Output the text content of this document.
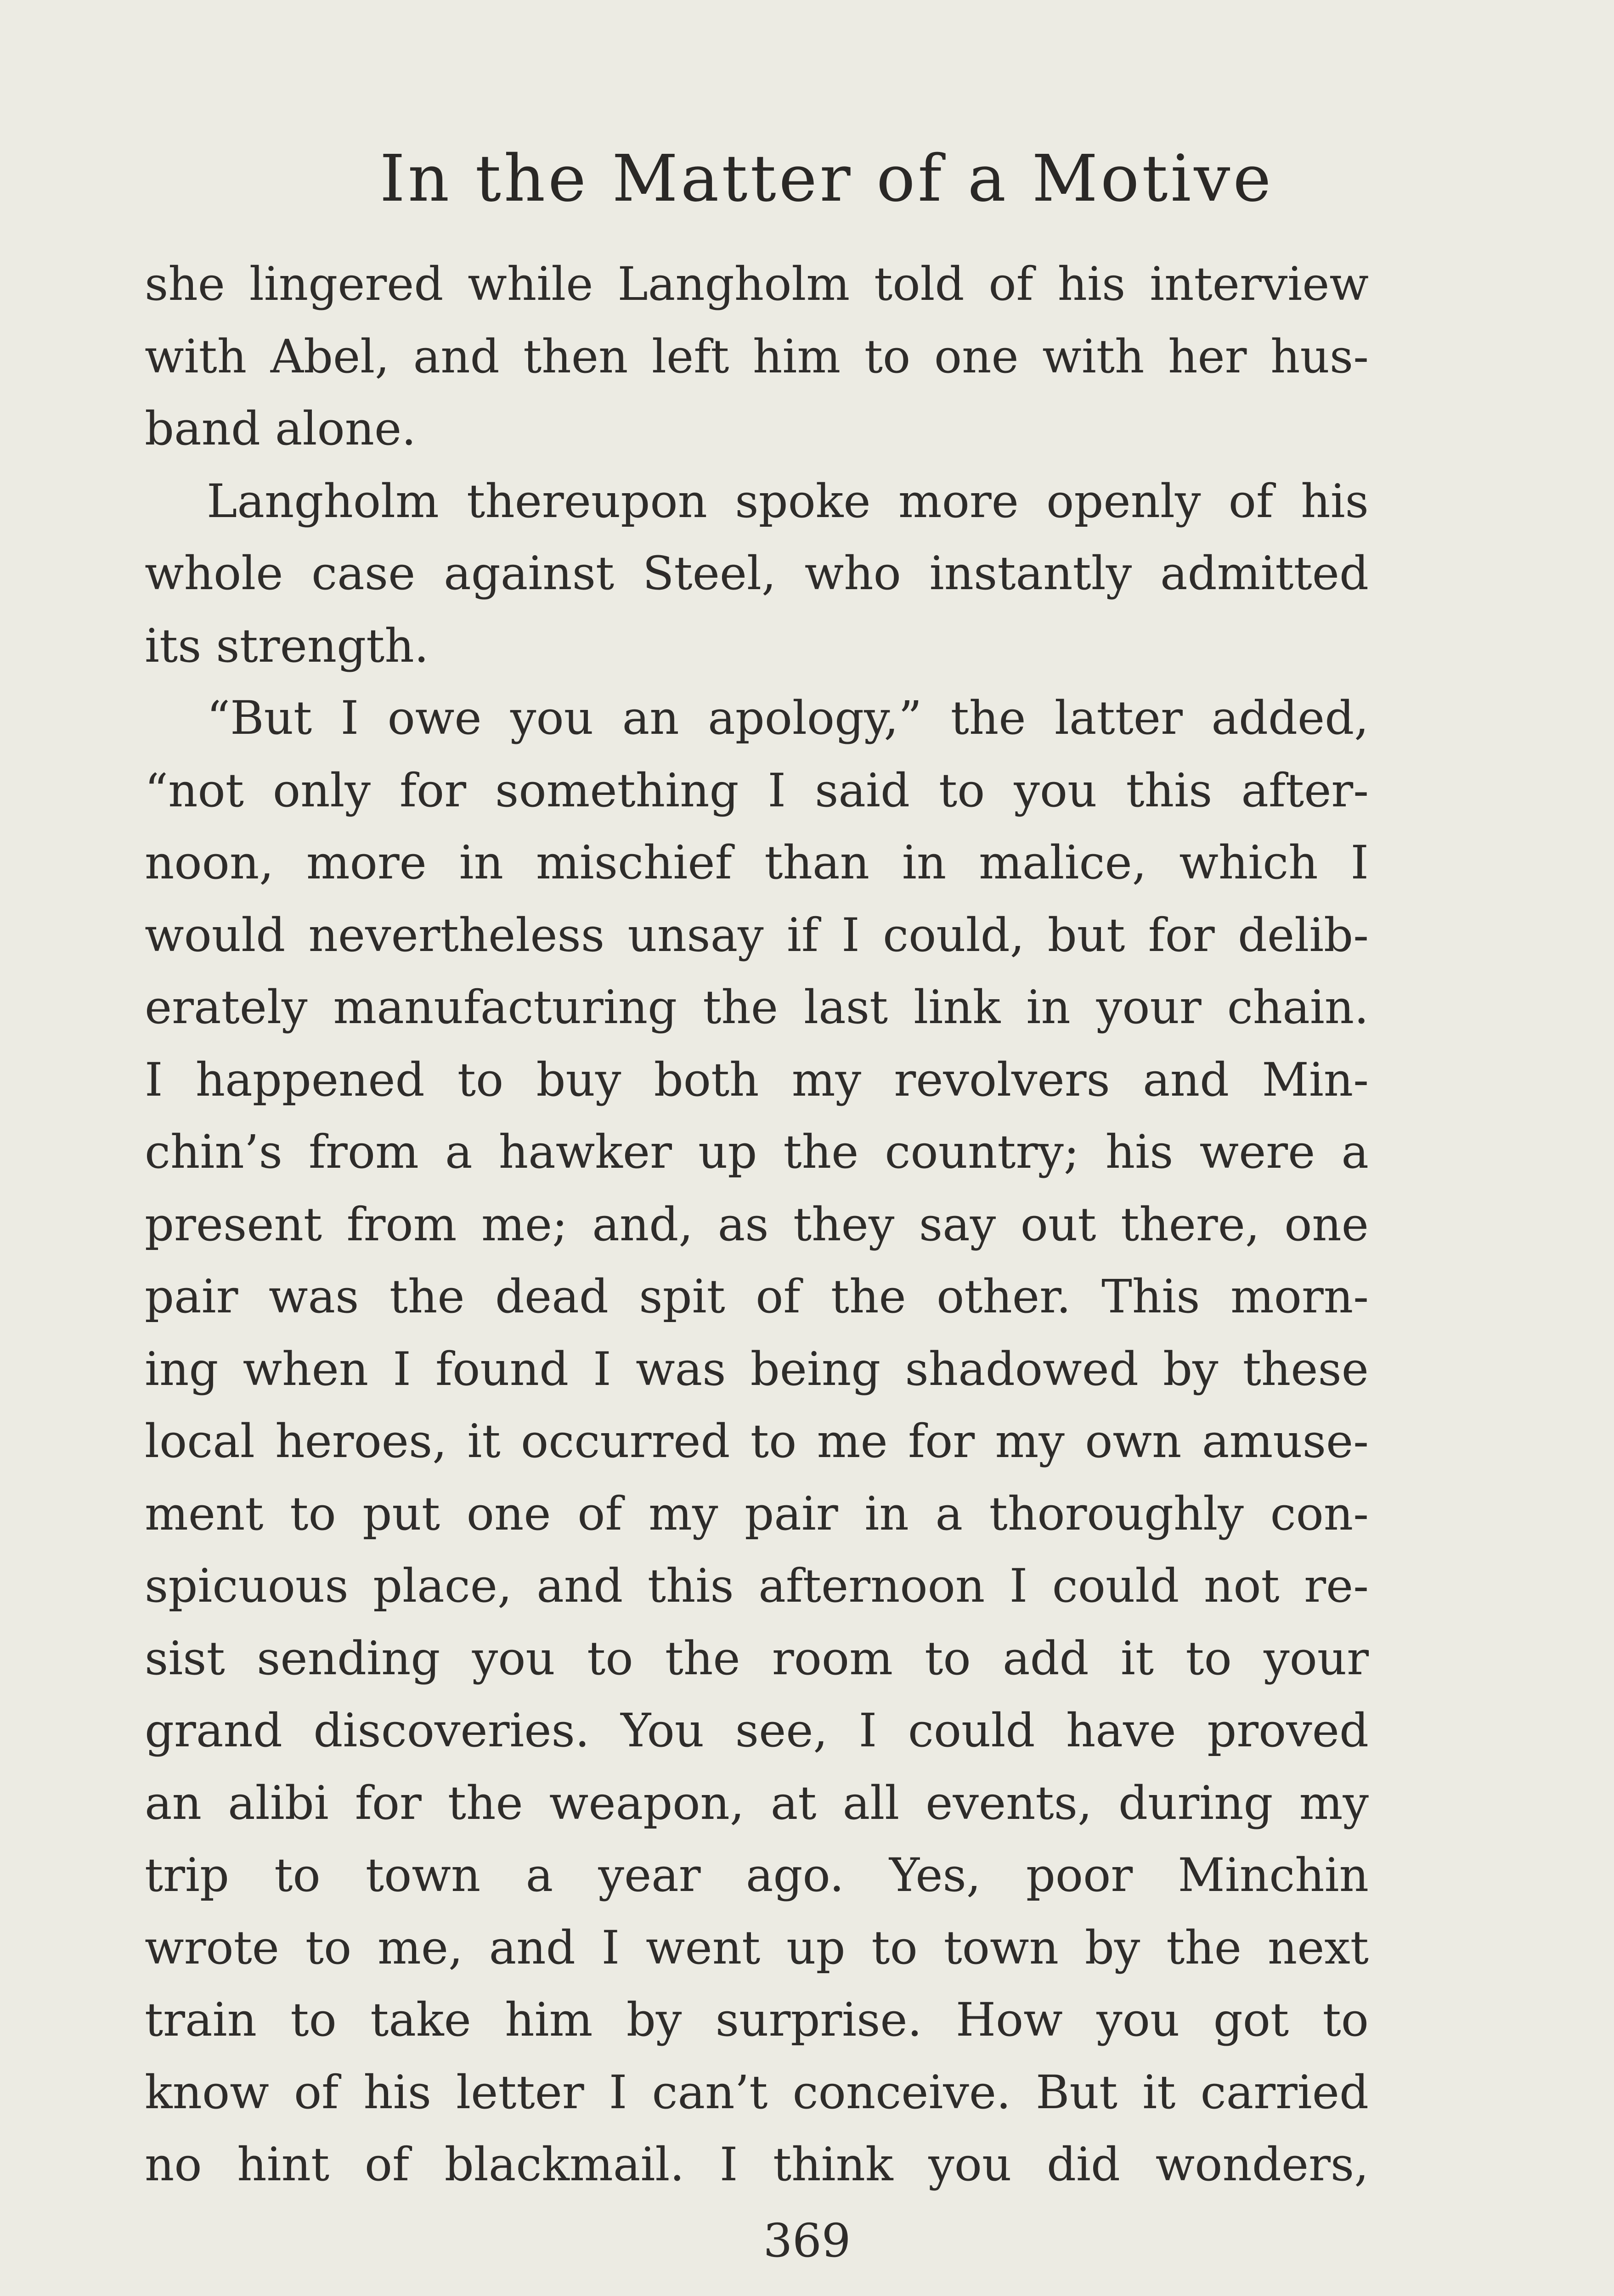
In the Matter of a Motive
she lingered while Langholm told of his interview
with Abel, and then left him to one with her hus-
band alone.
Langholm thereupon spoke more openly of his
whole case against Steel, who instantly admitted
its strength.
“But I owe you an apology,” the latter added,
“not only for something I said to you this after-
noon, more in mischief than in malice, which I
would nevertheless unsay if I could, but for delib-
erately manufacturing the last link in your chain.
I happened to buy both my revolvers and Min-
chin’s from a hawker up the country; his were a
present from me; and, as they say out there, one
pair was the dead spit of the other. This morn-
ing when I found I was being shadowed by these
local heroes, it occurred to me for my own amuse-
ment to put one of my pair in a thoroughly con-
spicuous place, and this afternoon I could not re-
sist sending you to the room to add it to your
grand discoveries. You see, I could have proved
an alibi for the weapon, at all events, during my
trip to town a year ago. Yes, poor Minchin
wrote to me, and I went up to town by the next
train to take him by surprise. How you got to
know of his letter I can’t conceive. But it carried
no hint of blackmail. I think you did wonders,
369
